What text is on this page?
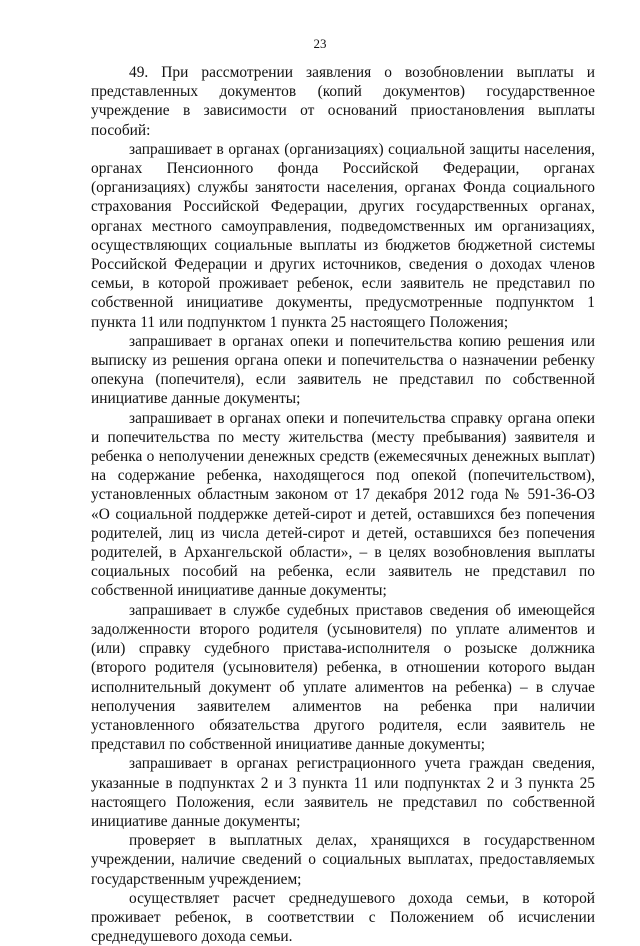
23

49. При рассмотрении заявления о возобновлении выплаты и представленных документов (копий документов) государственное учреждение в зависимости от оснований приостановления выплаты пособий:

запрашивает в органах (организациях) социальной защиты населения, органах Пенсионного фонда Российской Федерации, органах (организациях) службы занятости населения, органах Фонда социального страхования Российской Федерации, других государственных органах, органах местного самоуправления, подведомственных им организациях, осуществляющих социальные выплаты из бюджетов бюджетной системы Российской Федерации и других источников, сведения о доходах членов семьи, в которой проживает ребенок, если заявитель не представил по собственной инициативе документы, предусмотренные подпунктом 1 пункта 11 или подпунктом 1 пункта 25 настоящего Положения;

запрашивает в органах опеки и попечительства копию решения или выписку из решения органа опеки и попечительства о назначении ребенку опекуна (попечителя), если заявитель не представил по собственной инициативе данные документы;

запрашивает в органах опеки и попечительства справку органа опеки и попечительства по месту жительства (месту пребывания) заявителя и ребенка о неполучении денежных средств (ежемесячных денежных выплат) на содержание ребенка, находящегося под опекой (попечительством), установленных областным законом от 17 декабря 2012 года № 591-36-ОЗ «О социальной поддержке детей-сирот и детей, оставшихся без попечения родителей, лиц из числа детей-сирот и детей, оставшихся без попечения родителей, в Архангельской области», – в целях возобновления выплаты социальных пособий на ребенка, если заявитель не представил по собственной инициативе данные документы;

запрашивает в службе судебных приставов сведения об имеющейся задолженности второго родителя (усыновителя) по уплате алиментов и (или) справку судебного пристава-исполнителя о розыске должника (второго родителя (усыновителя) ребенка, в отношении которого выдан исполнительный документ об уплате алиментов на ребенка) – в случае неполучения заявителем алиментов на ребенка при наличии установленного обязательства другого родителя, если заявитель не представил по собственной инициативе данные документы;

запрашивает в органах регистрационного учета граждан сведения, указанные в подпунктах 2 и 3 пункта 11 или подпунктах 2 и 3 пункта 25 настоящего Положения, если заявитель не представил по собственной инициативе данные документы;

проверяет в выплатных делах, хранящихся в государственном учреждении, наличие сведений о социальных выплатах, предоставляемых государственным учреждением;

осуществляет расчет среднедушевого дохода семьи, в которой проживает ребенок, в соответствии с Положением об исчислении среднедушевого дохода семьи.
